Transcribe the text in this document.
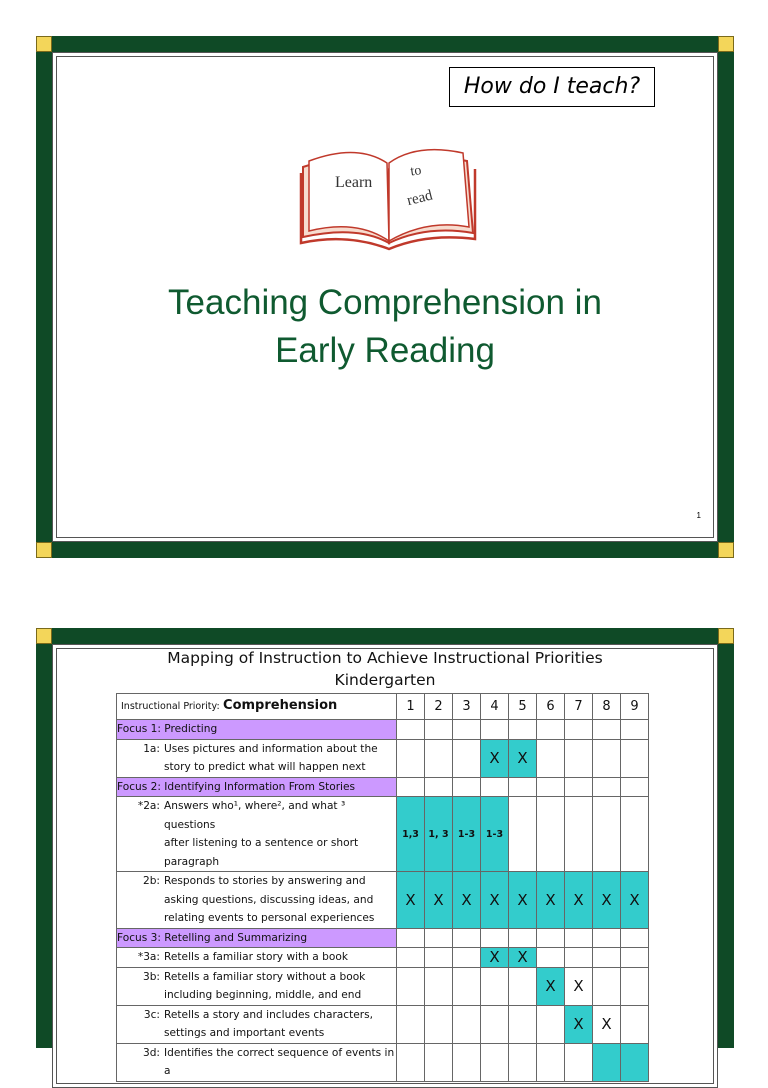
How do I teach?
Learn
to
read
Teaching Comprehension in
Early Reading
1
Mapping of Instruction to Achieve Instructional Priorities
Kindergarten
Instructional Priority: Comprehension	1	2	3	4	5	6	7	8	9
Focus 1: Predicting									

1a: Uses pictures and information about the
story to predict what will happen next				X	X				
Focus 2: Identifying Information From Stories									

*2a: Answers who¹, where², and what ³ questions
after listening to a sentence or short
paragraph	1,3	1, 3	1-3	1-3					

2b: Responds to stories by answering and
asking questions, discussing ideas, and
relating events to personal experiences	X	X	X	X	X	X	X	X	X
Focus 3: Retelling and Summarizing									

*3a: Retells a familiar story with a book				X	X				

3b: Retells a familiar story without a book
including beginning, middle, and end						X	X		

3c: Retells a story and includes characters,
settings and important events							X	X	

3d: Identifies the correct sequence of events in a									
